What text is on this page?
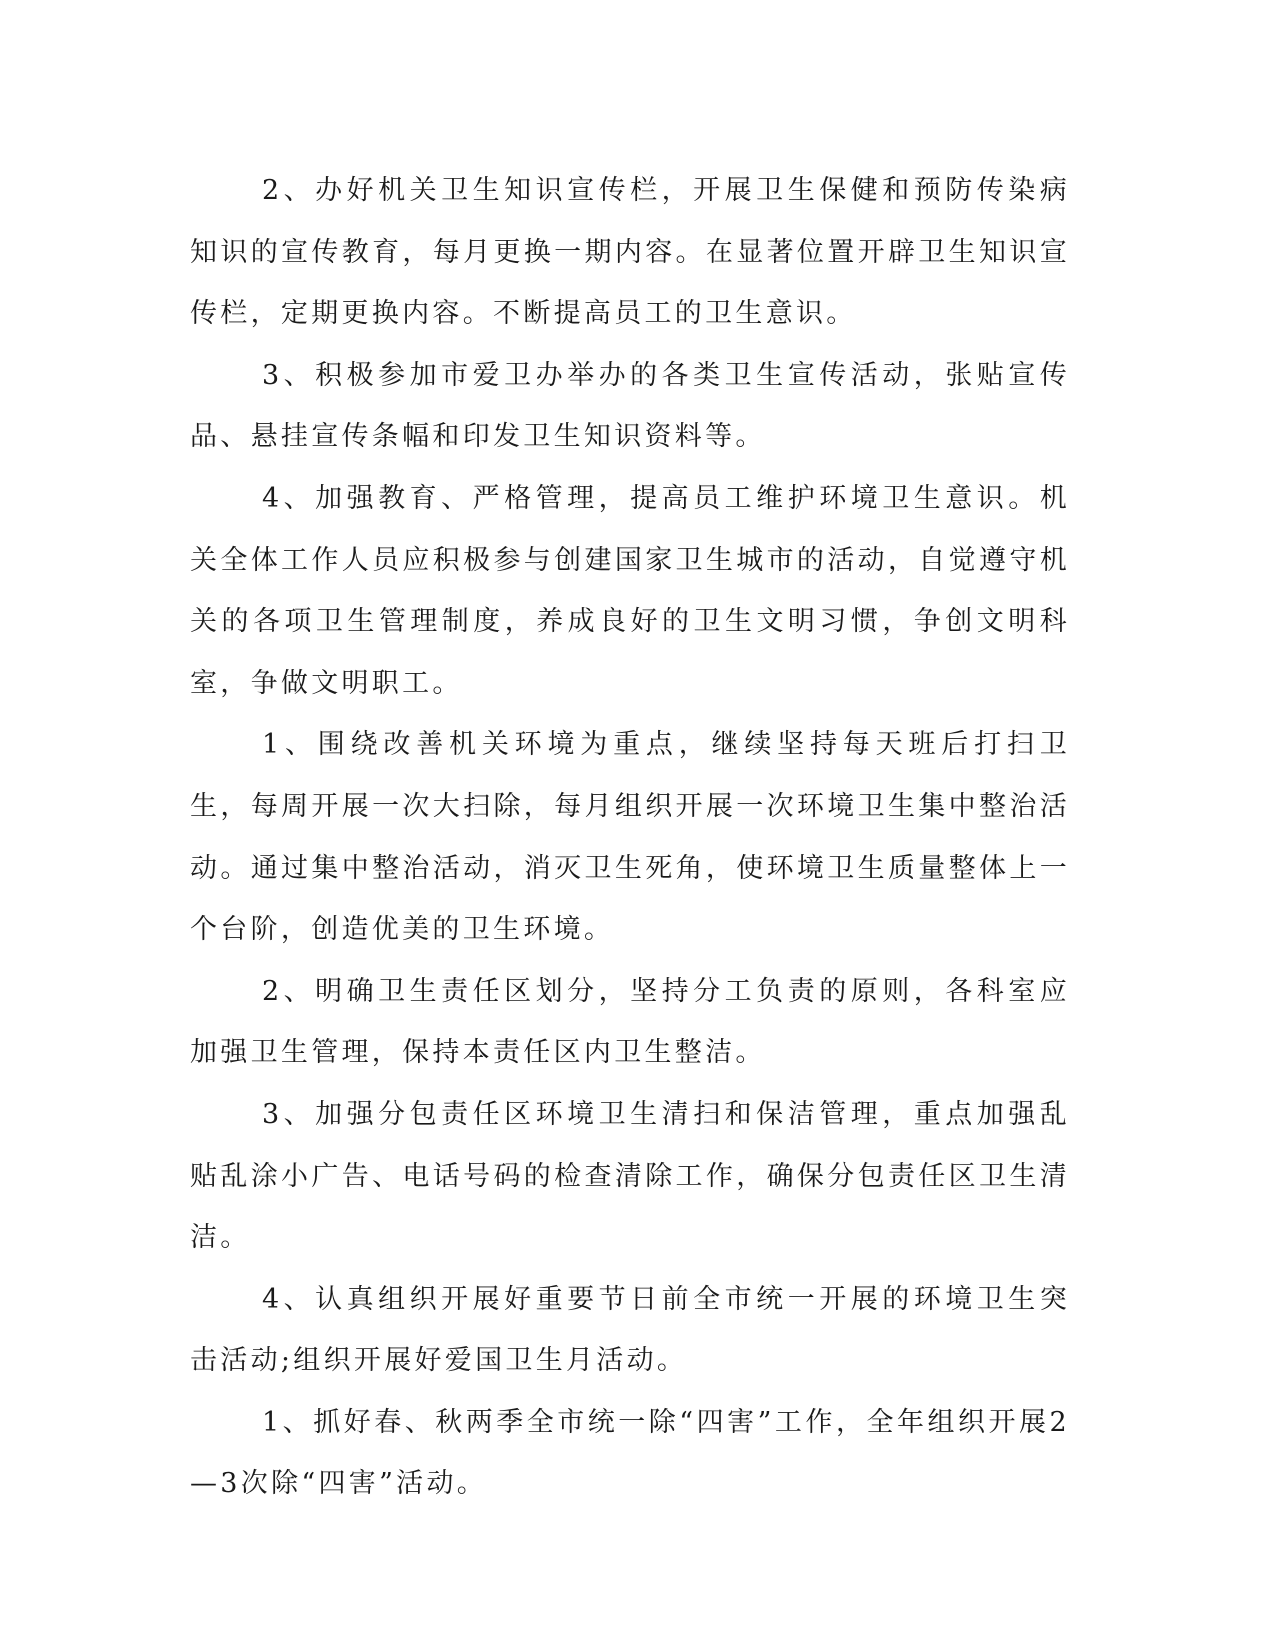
2、办好机关卫生知识宣传栏，开展卫生保健和预防传染病知识的宣传教育，每月更换一期内容。在显著位置开辟卫生知识宣传栏，定期更换内容。不断提高员工的卫生意识。

3、积极参加市爱卫办举办的各类卫生宣传活动，张贴宣传品、悬挂宣传条幅和印发卫生知识资料等。

4、加强教育、严格管理，提高员工维护环境卫生意识。机关全体工作人员应积极参与创建国家卫生城市的活动，自觉遵守机关的各项卫生管理制度，养成良好的卫生文明习惯，争创文明科室，争做文明职工。

1、围绕改善机关环境为重点，继续坚持每天班后打扫卫生，每周开展一次大扫除，每月组织开展一次环境卫生集中整治活动。通过集中整治活动，消灭卫生死角，使环境卫生质量整体上一个台阶，创造优美的卫生环境。

2、明确卫生责任区划分，坚持分工负责的原则，各科室应加强卫生管理，保持本责任区内卫生整洁。

3、加强分包责任区环境卫生清扫和保洁管理，重点加强乱贴乱涂小广告、电话号码的检查清除工作，确保分包责任区卫生清洁。

4、认真组织开展好重要节日前全市统一开展的环境卫生突击活动;组织开展好爱国卫生月活动。

1、抓好春、秋两季全市统一除“四害”工作，全年组织开展2—3次除“四害”活动。
